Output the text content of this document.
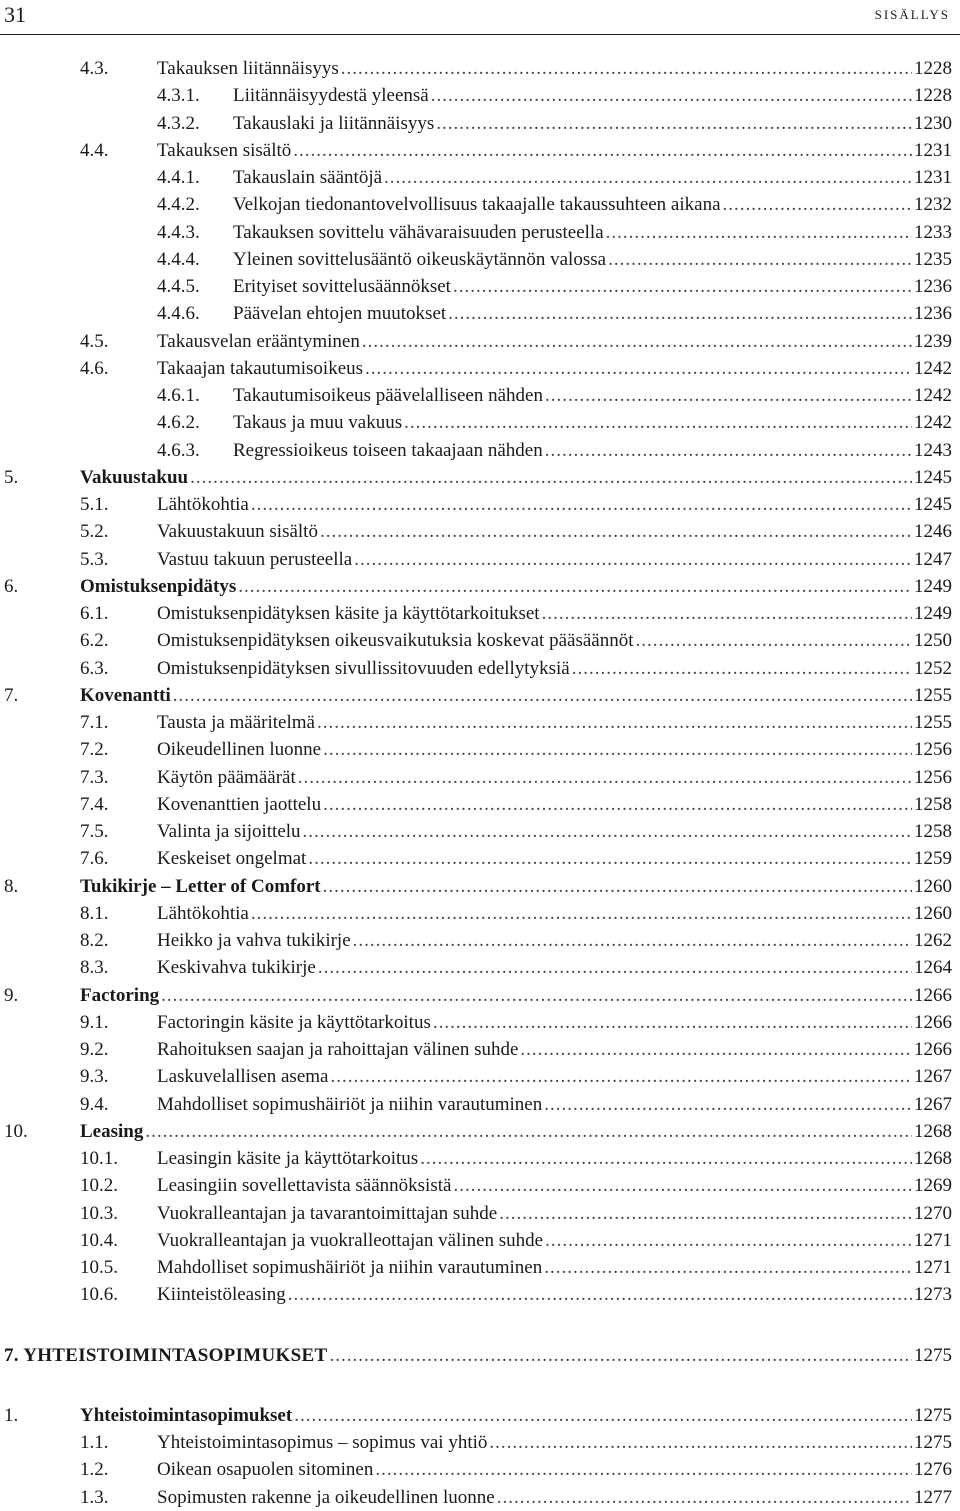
31	sisällys
4.3.	Takauksen liitännäisyys .....	1228
4.3.1. Liitännäisyydestä yleensä .....	1228
4.3.2. Takauslaki ja liitännäisyys .....	1230
4.4.	Takauksen sisältö .....	1231
4.4.1. Takauslain sääntöjä .....	1231
4.4.2. Velkojan tiedonantovelvollisuus takaajalle takaussuhteen aikana .....	1232
4.4.3. Takauksen sovittelu vähävaraisuuden perusteella .....	1233
4.4.4. Yleinen sovittelusääntö oikeuskäytännön valossa .....	1235
4.4.5. Erityiset sovittelusäännökset .....	1236
4.4.6. Päävelan ehtojen muutokset .....	1236
4.5.	Takausvelan erääntyminen .....	1239
4.6.	Takaajan takautumisoikeus .....	1242
4.6.1. Takautumisoikeus päävelalliseen nähden .....	1242
4.6.2. Takaus ja muu vakuus .....	1242
4.6.3. Regressioikeus toiseen takaajaan nähden .....	1243
5.	Vakuustakuu .....	1245
5.1.	Lähtökohtia .....	1245
5.2.	Vakuustakuun sisältö .....	1246
5.3.	Vastuu takuun perusteella .....	1247
6.	Omistuksenpidätys .....	1249
6.1.	Omistuksenpidätyksen käsite ja käyttötarkoitukset .....	1249
6.2.	Omistuksenpidätyksen oikeusvaikutuksia koskevat pääsäännöt .....	1250
6.3.	Omistuksenpidätyksen sivullissitovuuden edellytyksiä .....	1252
7.	Kovenantti .....	1255
7.1.	Tausta ja määritelmä .....	1255
7.2.	Oikeudellinen luonne .....	1256
7.3.	Käytön päämäärät .....	1256
7.4.	Kovenanttien jaottelu .....	1258
7.5.	Valinta ja sijoittelu .....	1258
7.6.	Keskeiset ongelmat .....	1259
8.	Tukikirje – Letter of Comfort .....	1260
8.1.	Lähtökohtia .....	1260
8.2.	Heikko ja vahva tukikirje .....	1262
8.3.	Keskivahva tukikirje .....	1264
9.	Factoring .....	1266
9.1.	Factoringin käsite ja käyttötarkoitus .....	1266
9.2.	Rahoituksen saajan ja rahoittajan välinen suhde .....	1266
9.3.	Laskuvelallisen asema .....	1267
9.4.	Mahdolliset sopimushäiriöt ja niihin varautuminen .....	1267
10.	Leasing .....	1268
10.1. Leasingin käsite ja käyttötarkoitus .....	1268
10.2. Leasingiin sovellettavista säännöksistä .....	1269
10.3. Vuokralleantajan ja tavarantoimittajan suhde .....	1270
10.4. Vuokralleantajan ja vuokralleottajan välinen suhde .....	1271
10.5. Mahdolliset sopimushäiriöt ja niihin varautuminen .....	1271
10.6. Kiinteistöleasing .....	1273
7. YHTEISTOIMINTASOPIMUKSET .....	1275
1.	Yhteistoimintasopimukset .....	1275
1.1.	Yhteistoimintasopimus – sopimus vai yhtiö .....	1275
1.2.	Oikean osapuolen sitominen .....	1276
1.3.	Sopimusten rakenne ja oikeudellinen luonne .....	1277
